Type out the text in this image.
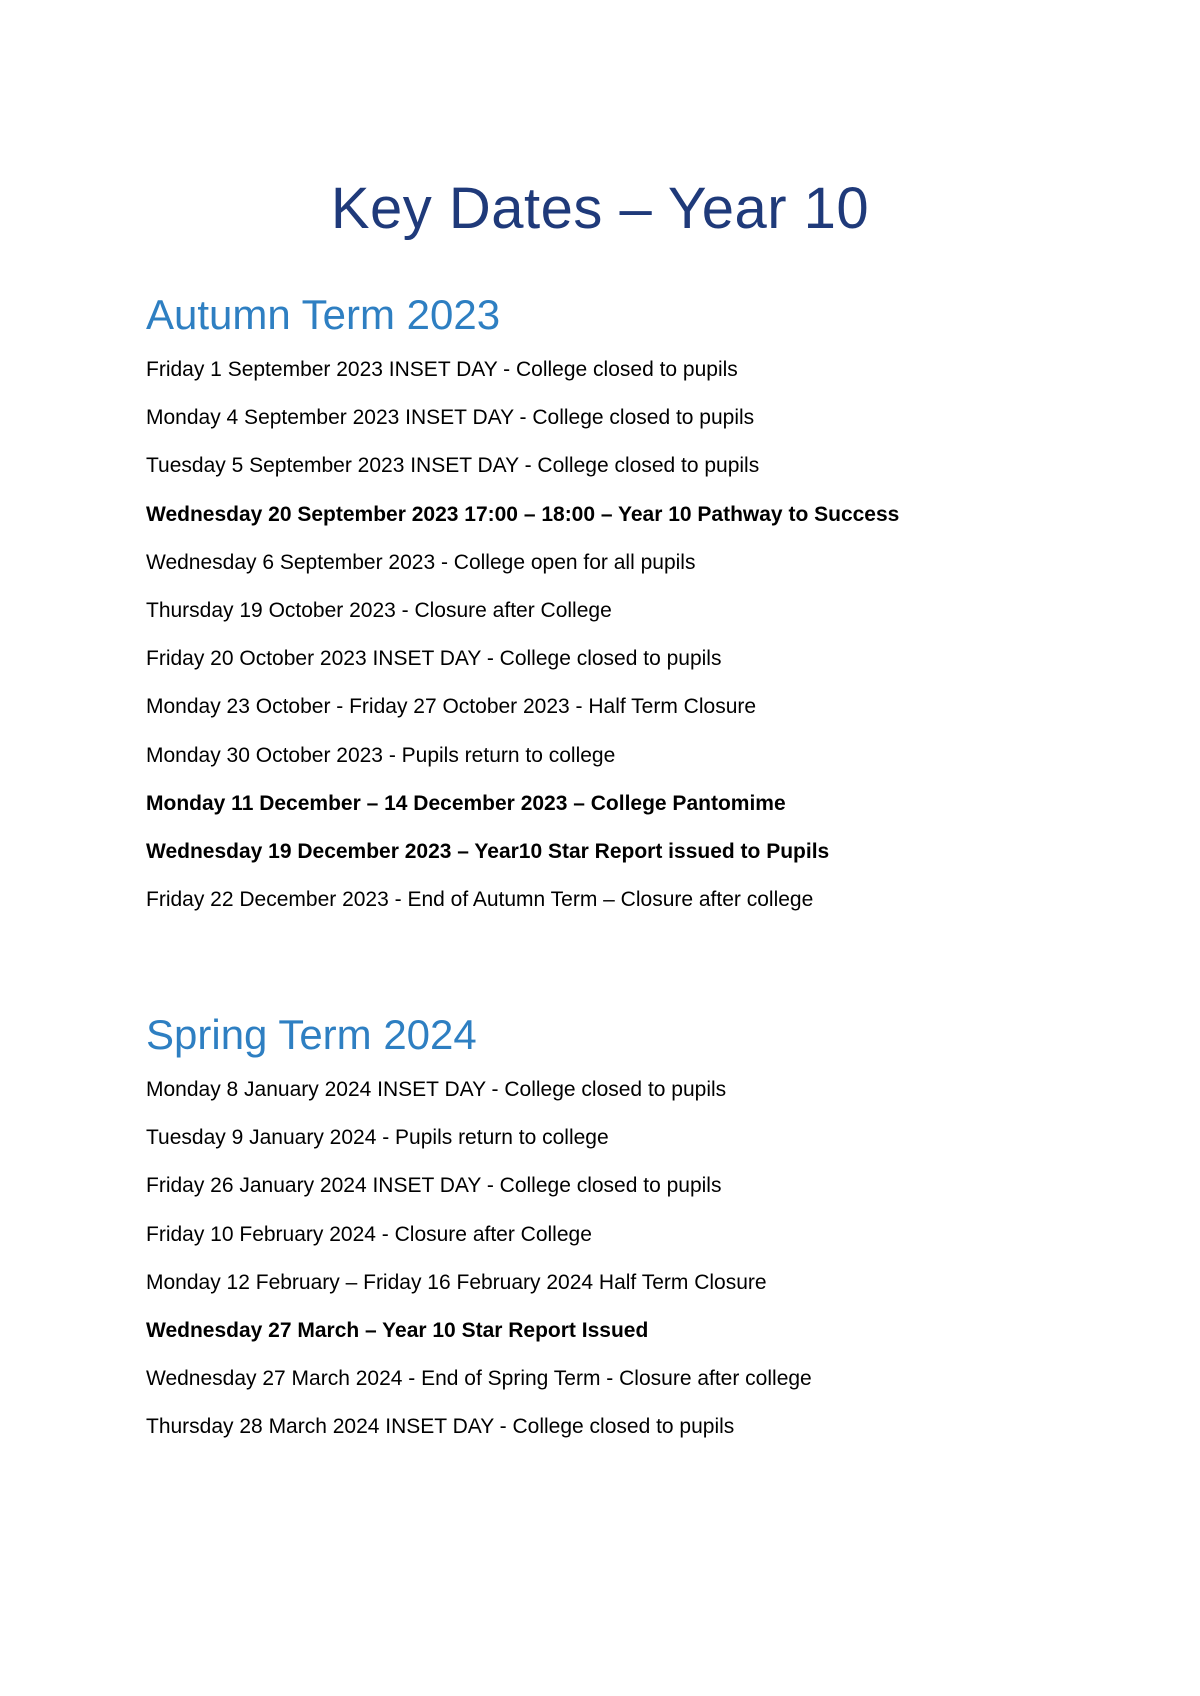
Key Dates – Year 10
Autumn Term 2023
Friday 1 September 2023 INSET DAY - College closed to pupils
Monday 4 September 2023 INSET DAY - College closed to pupils
Tuesday 5 September 2023 INSET DAY - College closed to pupils
Wednesday 20 September 2023 17:00 – 18:00 – Year 10 Pathway to Success
Wednesday 6 September 2023 - College open for all pupils
Thursday 19 October 2023 - Closure after College
Friday 20 October 2023 INSET DAY - College closed to pupils
Monday 23 October - Friday 27 October 2023 - Half Term Closure
Monday 30 October 2023 - Pupils return to college
Monday 11 December – 14 December 2023 – College Pantomime
Wednesday 19 December 2023 – Year10 Star Report issued to Pupils
Friday 22 December 2023 - End of Autumn Term – Closure after college
Spring Term 2024
Monday 8 January 2024 INSET DAY - College closed to pupils
Tuesday 9 January 2024 - Pupils return to college
Friday 26 January 2024 INSET DAY - College closed to pupils
Friday 10 February 2024 - Closure after College
Monday 12 February – Friday 16 February 2024 Half Term Closure
Wednesday 27 March – Year 10 Star Report Issued
Wednesday 27 March 2024 - End of Spring Term - Closure after college
Thursday 28 March 2024 INSET DAY - College closed to pupils
